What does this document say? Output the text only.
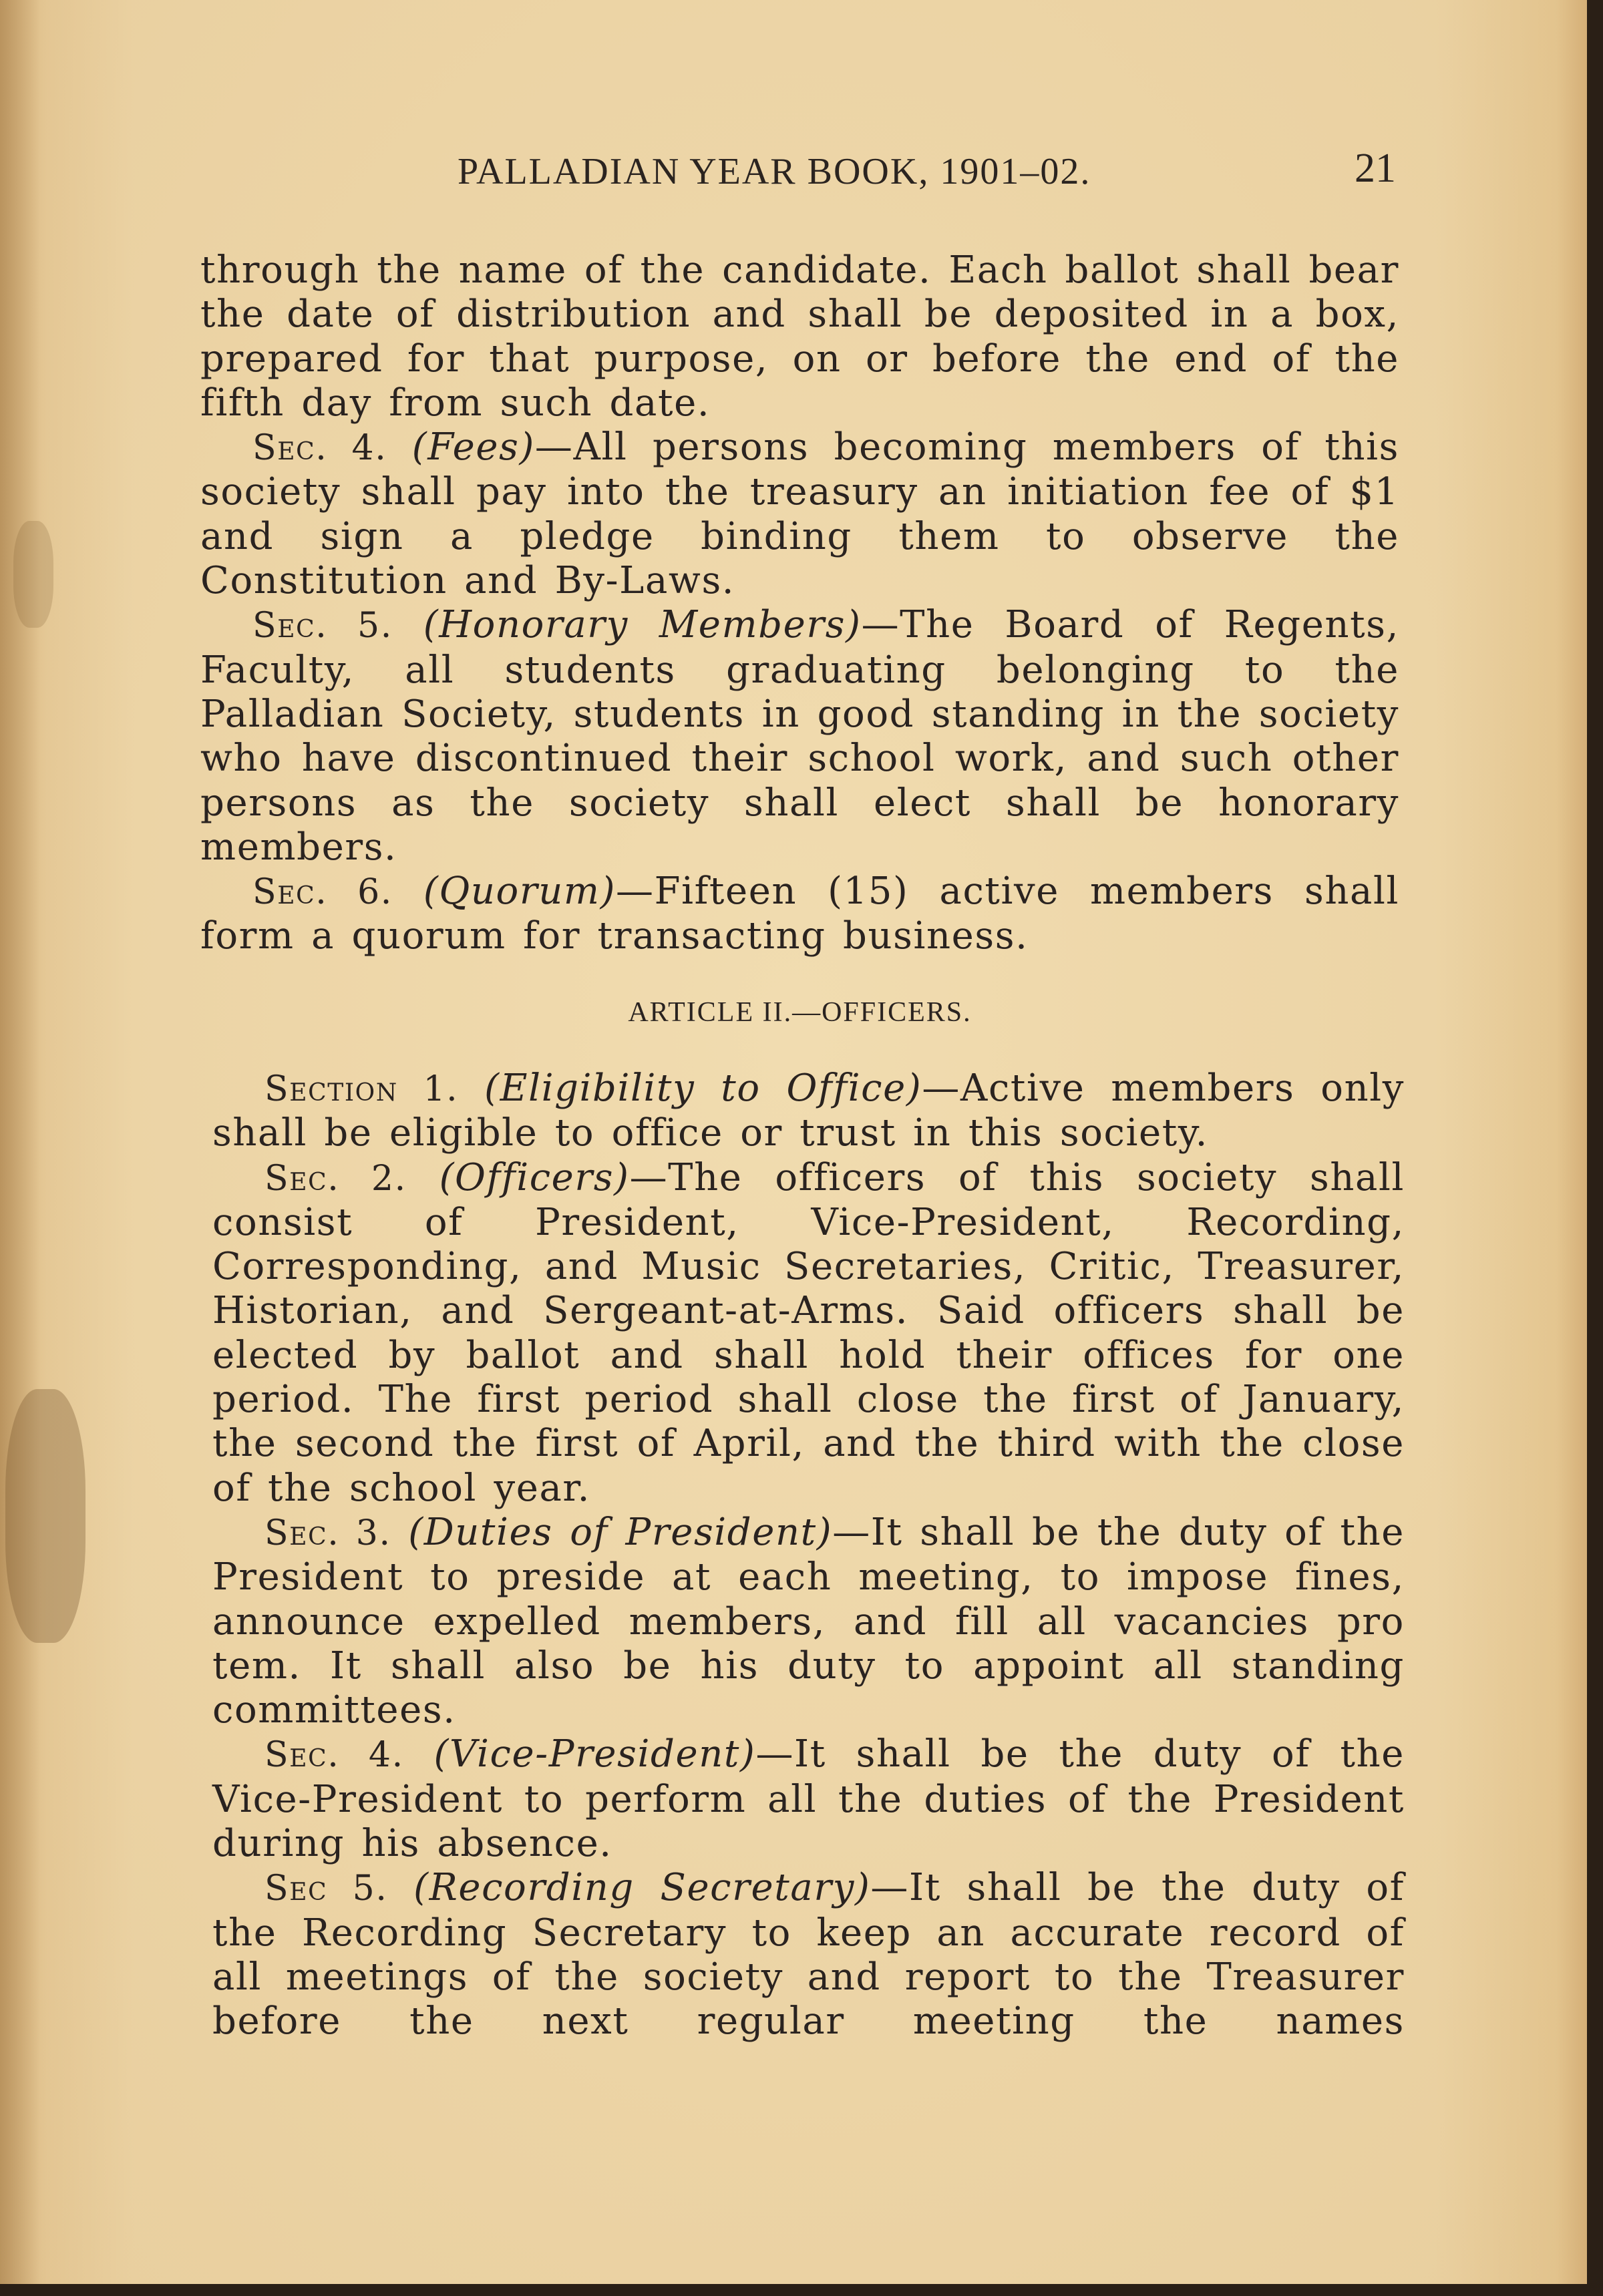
PALLADIAN YEAR BOOK, 1901–02.	21

through the name of the candidate. Each ballot shall bear the date of distribution and shall be deposited in a box, prepared for that purpose, on or before the end of the fifth day from such date.

Sec. 4. (Fees)—All persons becoming members of this society shall pay into the treasury an initiation fee of $1 and sign a pledge binding them to observe the Constitution and By-Laws.

Sec. 5. (Honorary Members)—The Board of Regents, Faculty, all students graduating belonging to the Palladian Society, students in good standing in the society who have discontinued their school work, and such other persons as the society shall elect shall be honorary members.

Sec. 6. (Quorum)—Fifteen (15) active members shall form a quorum for transacting business.

ARTICLE II.—OFFICERS.

Section 1. (Eligibility to Office)—Active members only shall be eligible to office or trust in this society.

Sec. 2. (Officers)—The officers of this society shall consist of President, Vice-President, Recording, Corresponding, and Music Secretaries, Critic, Treasurer, Historian, and Sergeant-at-Arms. Said officers shall be elected by ballot and shall hold their offices for one period. The first period shall close the first of January, the second the first of April, and the third with the close of the school year.

Sec. 3. (Duties of President)—It shall be the duty of the President to preside at each meeting, to impose fines, announce expelled members, and fill all vacancies pro tem. It shall also be his duty to appoint all standing committees.

Sec. 4. (Vice-President)—It shall be the duty of the Vice-President to perform all the duties of the President during his absence.

Sec 5. (Recording Secretary)—It shall be the duty of the Recording Secretary to keep an accurate record of all meetings of the society and report to the Treasurer before the next regular meeting the names
